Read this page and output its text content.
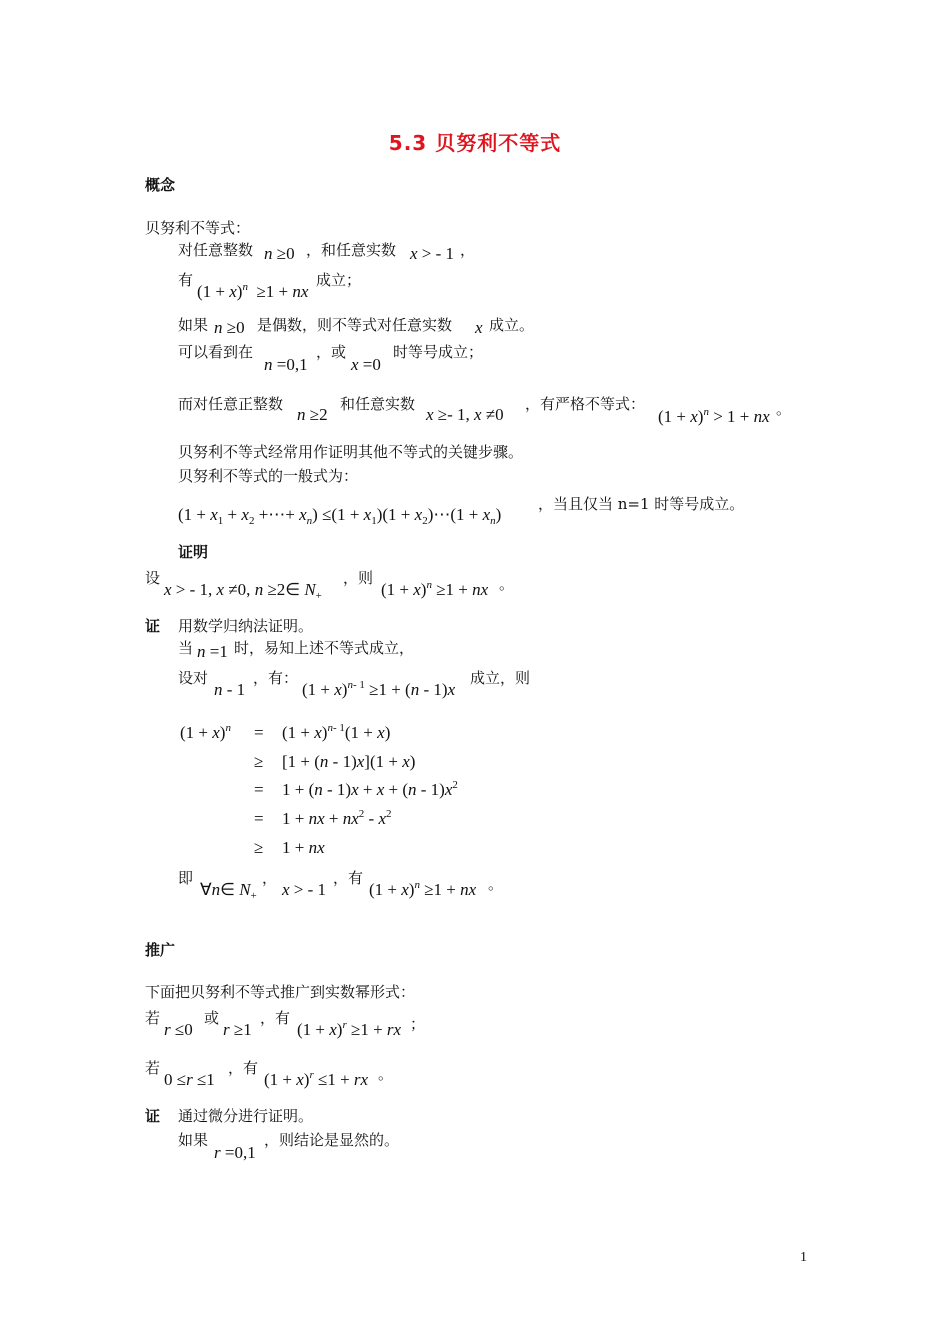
5.3 贝努利不等式
概念
贝努利不等式：
对任意整数 n ≥0 ，和任意实数 x > - 1 ，
有
$(1 + x)^n \ge 1$ + nx
成立；
如果 n ≥0 是偶数，则不等式对任意实数 x 成立。
可以看到在
n =0,1
，或
x =0
时等号成立；
而对任意正整数
n ≥2
和任意实数
x ≥- 1, x ≠0
，有严格不等式：
$(1 + x)^n > 1$ + nx 。
贝努利不等式经常用作证明其他不等式的关键步骤。
贝努利不等式的一般式为：
($1 + x_1 + x_2$ +⋯+ $x_n) \le(1 + x_1)(1$ + $x_2)\cdots(1 + x_n)$
，当且仅当 n=1 时等号成立。
证明
设
x > - 1, x ≠0, n ≥2∈ $N_+$
，则
$(1 + x)^n \ge 1$ + nx 。
证 用数学归纳法证明。
当 n =1 时，易知上述不等式成立，
设对
n - 1
，有：
$(1 + x)^{n- 1} \ge 1 + (n - 1)x$
成立，则
$(1 + x)^n = (1 + x)^{n- 1}(1 + x)$
≥ [1 + (n - 1)x](1 + x)
= $1 + (n - 1)x + x + (n - 1)x^2$
= 1 + nx + $nx^2 - x^2$
≥ 1 + nx
即
∀n∈ $N_+$
，
x > - 1
，有
$(1 + x)^n \ge 1$ + nx 。
推广
下面把贝努利不等式推广到实数幂形式：
若
r ≤0
或
r ≥1
，有
$(1 + x)^r \ge 1$ + rx ；
若
0 ≤r ≤1
，有
$(1 + x)^r \le 1$ + rx 。
证 通过微分进行证明。
如果
r =0,1
，则结论是显然的。
1
